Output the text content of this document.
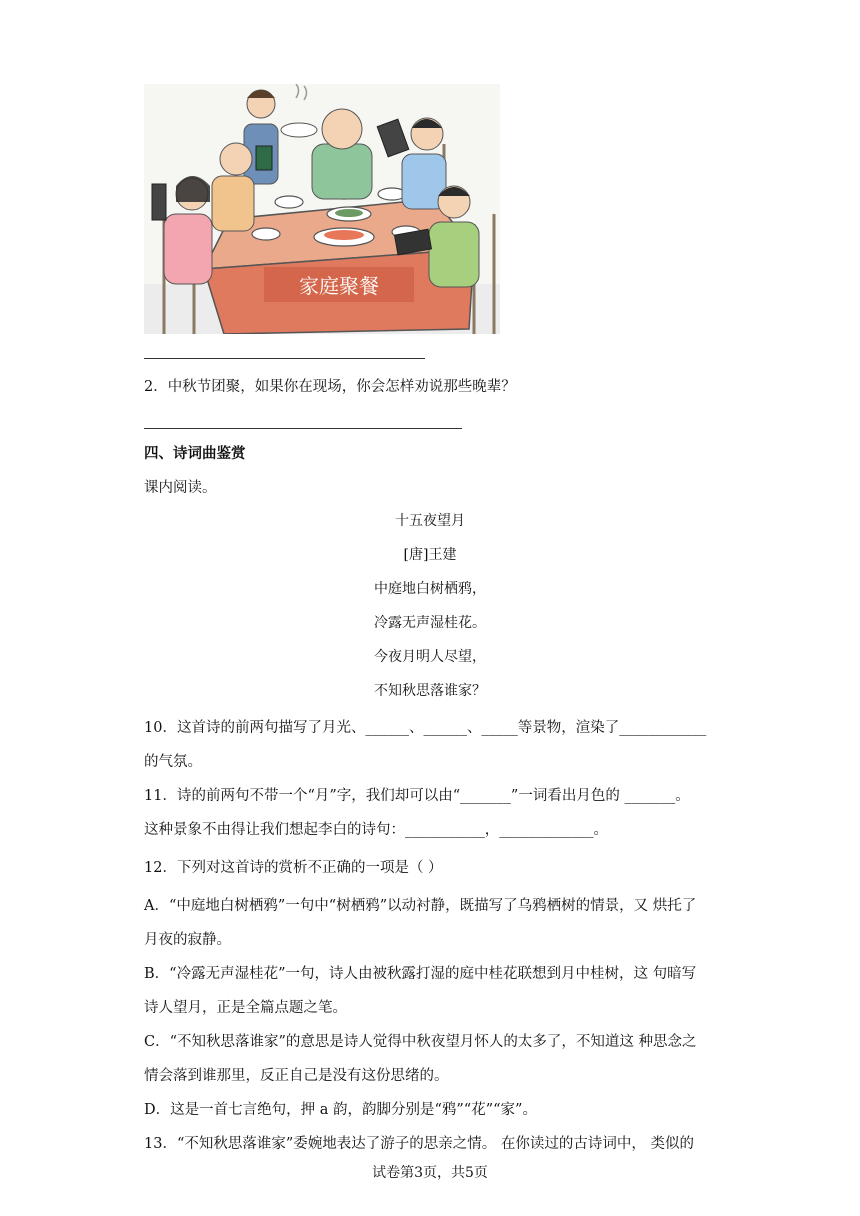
家庭聚餐
2．中秋节团聚，如果你在现场，你会怎样劝说那些晚辈？
四、诗词曲鉴赏
课内阅读。
十五夜望月
[唐]王建
中庭地白树栖鸦，
冷露无声湿桂花。
今夜月明人尽望，
不知秋思落谁家？
10．这首诗的前两句描写了月光、______、______、_____等景物，渲染了____________
的气氛。
11．诗的前两句不带一个“月”字，我们却可以由“_______”一词看出月色的 _______。
这种景象不由得让我们想起李白的诗句：___________，_____________。
12．下列对这首诗的赏析不正确的一项是（ ）
A．“中庭地白树栖鸦”一句中“树栖鸦”以动衬静，既描写了乌鸦栖树的情景，又 烘托了
月夜的寂静。
B．“冷露无声湿桂花”一句，诗人由被秋露打湿的庭中桂花联想到月中桂树，这 句暗写
诗人望月，正是全篇点题之笔。
C．“不知秋思落谁家”的意思是诗人觉得中秋夜望月怀人的太多了，不知道这 种思念之
情会落到谁那里，反正自己是没有这份思绪的。
D．这是一首七言绝句，押 a 韵，韵脚分别是“鸦”“花”“家”。
13．“不知秋思落谁家”委婉地表达了游子的思亲之情。 在你读过的古诗词中， 类似的
试卷第3页，共5页
